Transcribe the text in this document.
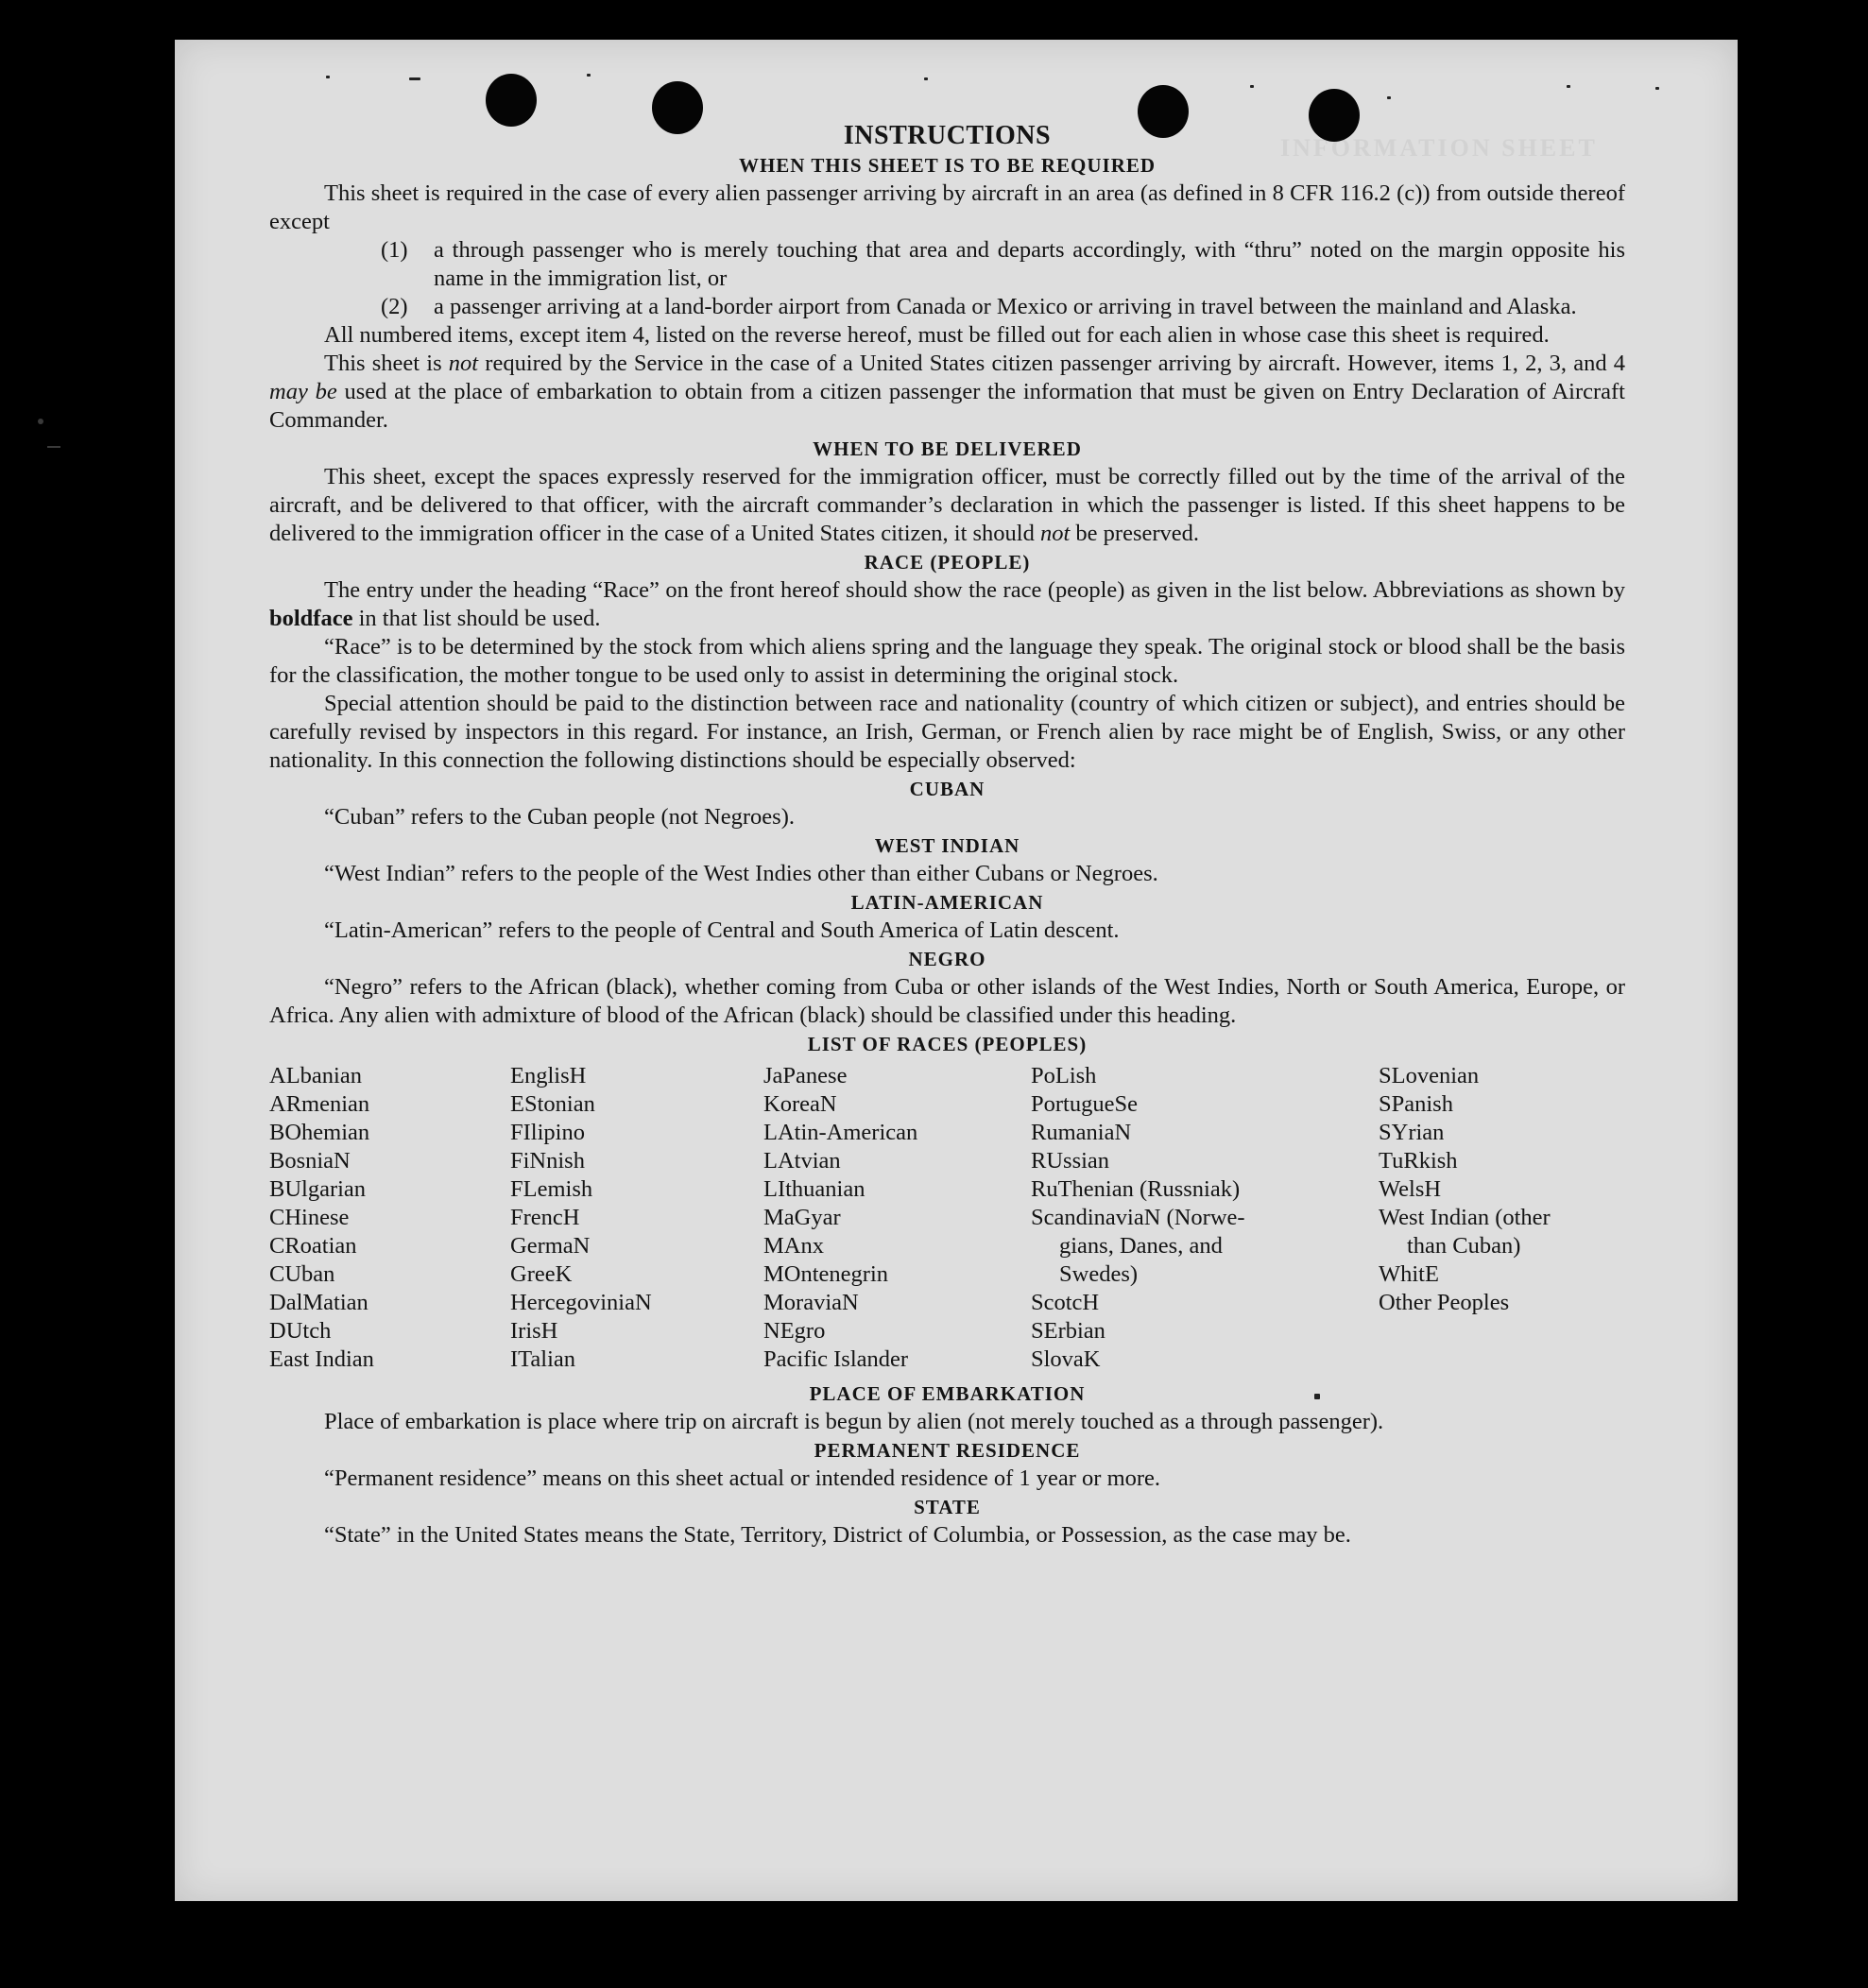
INFORMATION SHEET
INSTRUCTIONS
WHEN THIS SHEET IS TO BE REQUIRED

This sheet is required in the case of every alien passenger arriving by aircraft in an area (as defined in 8 CFR 116.2 (c)) from outside thereof except

(1)	a through passenger who is merely touching that area and departs accordingly, with “thru” noted on the margin opposite his name in the immigration list, or
(2)	a passenger arriving at a land-border airport from Canada or Mexico or arriving in travel between the mainland and Alaska.

All numbered items, except item 4, listed on the reverse hereof, must be filled out for each alien in whose case this sheet is required.

This sheet is not required by the Service in the case of a United States citizen passenger arriving by aircraft. However, items 1, 2, 3, and 4 may be used at the place of embarkation to obtain from a citizen passenger the information that must be given on Entry Declaration of Aircraft Commander.

WHEN TO BE DELIVERED

This sheet, except the spaces expressly reserved for the immigration officer, must be correctly filled out by the time of the arrival of the aircraft, and be delivered to that officer, with the aircraft commander’s declaration in which the passenger is listed. If this sheet happens to be delivered to the immigration officer in the case of a United States citizen, it should not be preserved.

RACE (PEOPLE)

The entry under the heading “Race” on the front hereof should show the race (people) as given in the list below. Abbreviations as shown by boldface in that list should be used.

“Race” is to be determined by the stock from which aliens spring and the language they speak. The original stock or blood shall be the basis for the classification, the mother tongue to be used only to assist in determining the original stock.

Special attention should be paid to the distinction between race and nationality (country of which citizen or subject), and entries should be carefully revised by inspectors in this regard. For instance, an Irish, German, or French alien by race might be of English, Swiss, or any other nationality. In this connection the following distinctions should be especially observed:

CUBAN

“Cuban” refers to the Cuban people (not Negroes).

WEST INDIAN

“West Indian” refers to the people of the West Indies other than either Cubans or Negroes.

LATIN-AMERICAN

“Latin-American” refers to the people of Central and South America of Latin descent.

NEGRO

“Negro” refers to the African (black), whether coming from Cuba or other islands of the West Indies, North or South America, Europe, or Africa. Any alien with admixture of blood of the African (black) should be classified under this heading.

LIST OF RACES (PEOPLES)
ALbanian
ARmenian
BOhemian
BosniaN
BUlgarian
CHinese
CRoatian
CUban
DalMatian
DUtch
East Indian
EnglisH
EStonian
FIlipino
FiNnish
FLemish
FrencH
GermaN
GreeK
HercegoviniaN
IrisH
ITalian
JaPanese
KoreaN
LAtin-American
LAtvian
LIthuanian
MaGyar
MAnx
MOntenegrin
MoraviaN
NEgro
Pacific Islander
PoLish
PortugueSe
RumaniaN
RUssian
RuThenian (Russniak)
ScandinaviaN (Norwe-
gians, Danes, and
Swedes)
ScotcH
SErbian
SlovaK
SLovenian
SPanish
SYrian
TuRkish
WelsH
West Indian (other
than Cuban)
WhitE
Other Peoples
PLACE OF EMBARKATION

Place of embarkation is place where trip on aircraft is begun by alien (not merely touched as a through passenger).

PERMANENT RESIDENCE

“Permanent residence” means on this sheet actual or intended residence of 1 year or more.

STATE

“State” in the United States means the State, Territory, District of Columbia, or Possession, as the case may be.
